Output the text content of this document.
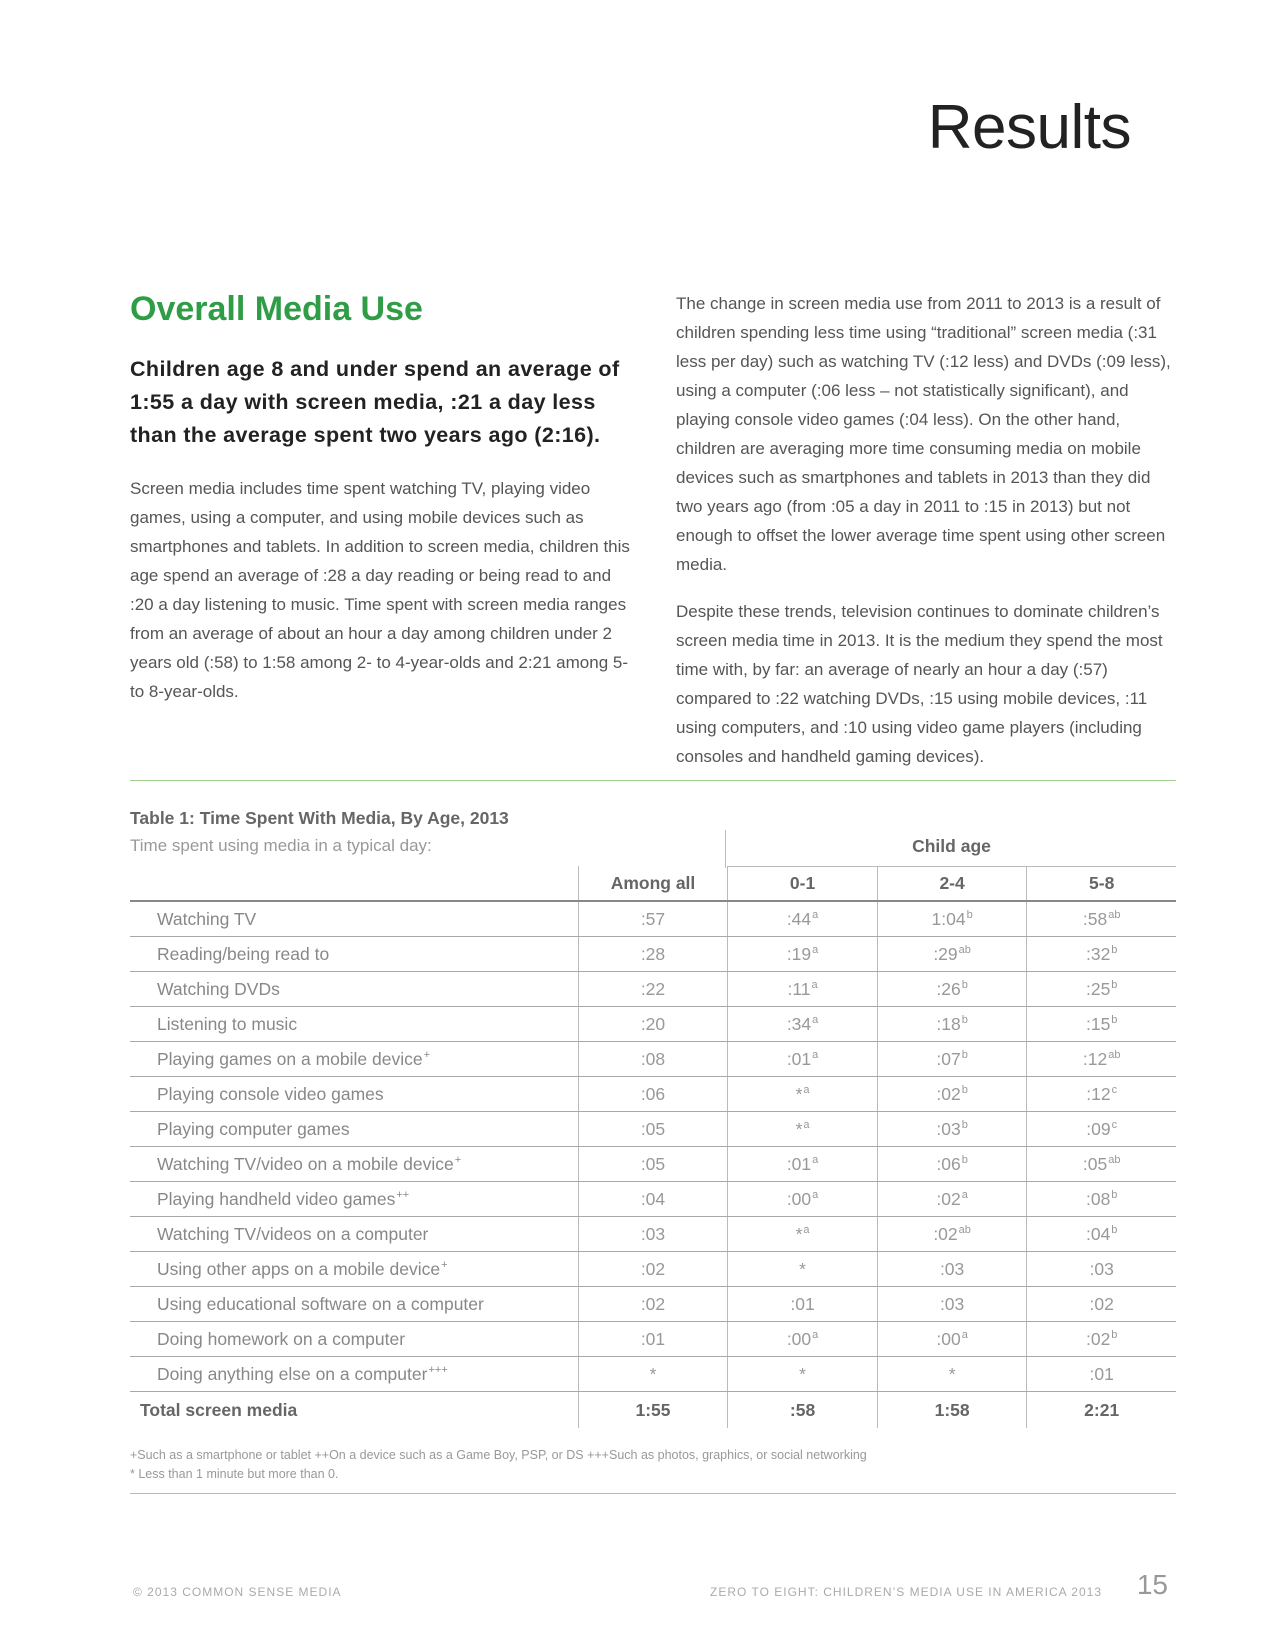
Results
Overall Media Use

Children age 8 and under spend an average of 1:55 a day with screen media, :21 a day less than the average spent two years ago (2:16).

Screen media includes time spent watching TV, playing video games, using a computer, and using mobile devices such as smartphones and tablets. In addition to screen media, children this age spend an average of :28 a day reading or being read to and :20 a day listening to music. Time spent with screen media ranges from an average of about an hour a day among children under 2 years old (:58) to 1:58 among 2- to 4-year-olds and 2:21 among 5- to 8-year-olds.

The change in screen media use from 2011 to 2013 is a result of children spending less time using “traditional” screen media (:31 less per day) such as watching TV (:12 less) and DVDs (:09 less), using a computer (:06 less – not statistically significant), and playing console video games (:04 less). On the other hand, children are averaging more time consuming media on mobile devices such as smartphones and tablets in 2013 than they did two years ago (from :05 a day in 2011 to :15 in 2013) but not enough to offset the lower average time spent using other screen media.

Despite these trends, television continues to dominate children’s screen media time in 2013. It is the medium they spend the most time with, by far: an average of nearly an hour a day (:57) compared to :22 watching DVDs, :15 using mobile devices, :11 using computers, and :10 using video game players (including consoles and handheld gaming devices).

Table 1: Time Spent With Media, By Age, 2013
Time spent using media in a typical day:	Child age
	Among all	0-1	2-4	5-8
Watching TV	:57	:44$^a$	1:04$^b$	$:58^{ab}$
Reading/being read to	:28	:19$^a$	$:29^{ab}$	:32$^b$
Watching DVDs	:22	:11$^a$	:26$^b$	:25$^b$
Listening to music	:20	:34$^a$	:18$^b$	:15$^b$
Playing games on a mobile device+	:08	:01$^a$	:07$^b$	$:12^{ab}$
Playing console video games	:06	*$^a$	:02$^b$	:12$^c$
Playing computer games	:05	*$^a$	:03$^b$	:09$^c$
Watching TV/video on a mobile device+	:05	:01$^a$	:06$^b$	$:05^{ab}$
Playing handheld video games++	:04	:00$^a$	:02$^a$	:08$^b$
Watching TV/videos on a computer	:03	*$^a$	$:02^{ab}$	:04$^b$
Using other apps on a mobile device+	:02	*	:03	:03
Using educational software on a computer	:02	:01	:03	:02
Doing homework on a computer	:01	:00$^a$	:00$^a$	:02$^b$
Doing anything else on a computer+++	*	*	*	:01
Total screen media	1:55	:58	1:58	2:21
+Such as a smartphone or tablet ++On a device such as a Game Boy, PSP, or DS +++Such as photos, graphics, or social networking
* Less than 1 minute but more than 0.
© 2013 COMMON SENSE MEDIA	ZERO TO EIGHT: CHILDREN’S MEDIA USE IN AMERICA 2013 15
